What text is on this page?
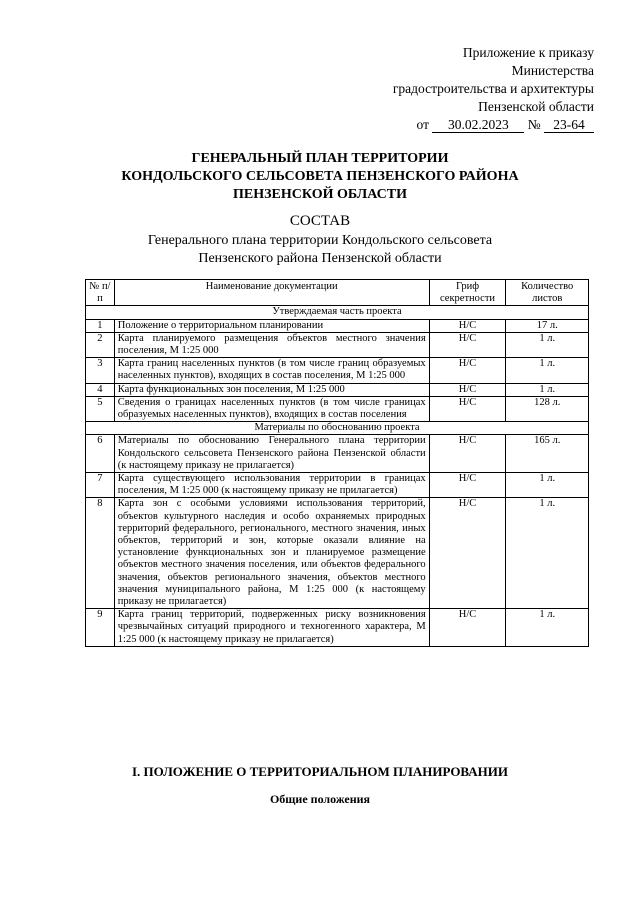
Приложение к приказу
Министерства
градостроительства и архитектуры
Пензенской области
от 30.02.2023 № 23-64
ГЕНЕРАЛЬНЫЙ ПЛАН ТЕРРИТОРИИ
КОНДОЛЬСКОГО СЕЛЬСОВЕТА ПЕНЗЕНСКОГО РАЙОНА
ПЕНЗЕНСКОЙ ОБЛАСТИ
СОСТАВ
Генерального плана территории Кондольского сельсовета
Пензенского района Пензенской области
№ п/п	Наименование документации	Гриф секретности	Количество листов
Утверждаемая часть проекта			
1	Положение о территориальном планировании	Н/С	17 л.
2	Карта планируемого размещения объектов местного значения поселения, М 1:25 000	Н/С	1 л.
3	Карта границ населенных пунктов (в том числе границ образуемых населенных пунктов), входящих в состав поселения, М 1:25 000	Н/С	1 л.
4	Карта функциональных зон поселения, М 1:25 000	Н/С	1 л.
5	Сведения о границах населенных пунктов (в том числе границах образуемых населенных пунктов), входящих в состав поселения	Н/С	128 л.
Материалы по обоснованию проекта			
6	Материалы по обоснованию Генерального плана территории Кондольского сельсовета Пензенского района Пензенской области (к настоящему приказу не прилагается)	Н/С	165 л.
7	Карта существующего использования территории в границах поселения, М 1:25 000 (к настоящему приказу не прилагается)	Н/С	1 л.
8	Карта зон с особыми условиями использования территорий, объектов культурного наследия и особо охраняемых природных территорий федерального, регионального, местного значения, иных объектов, территорий и зон, которые оказали влияние на установление функциональных зон и планируемое размещение объектов местного значения поселения, или объектов федерального значения, объектов регионального значения, объектов местного значения муниципального района, М 1:25 000 (к настоящему приказу не прилагается)	Н/С	1 л.
9	Карта границ территорий, подверженных риску возникновения чрезвычайных ситуаций природного и техногенного характера, М 1:25 000 (к настоящему приказу не прилагается)	Н/С	1 л.
I. ПОЛОЖЕНИЕ О ТЕРРИТОРИАЛЬНОМ ПЛАНИРОВАНИИ
Общие положения
